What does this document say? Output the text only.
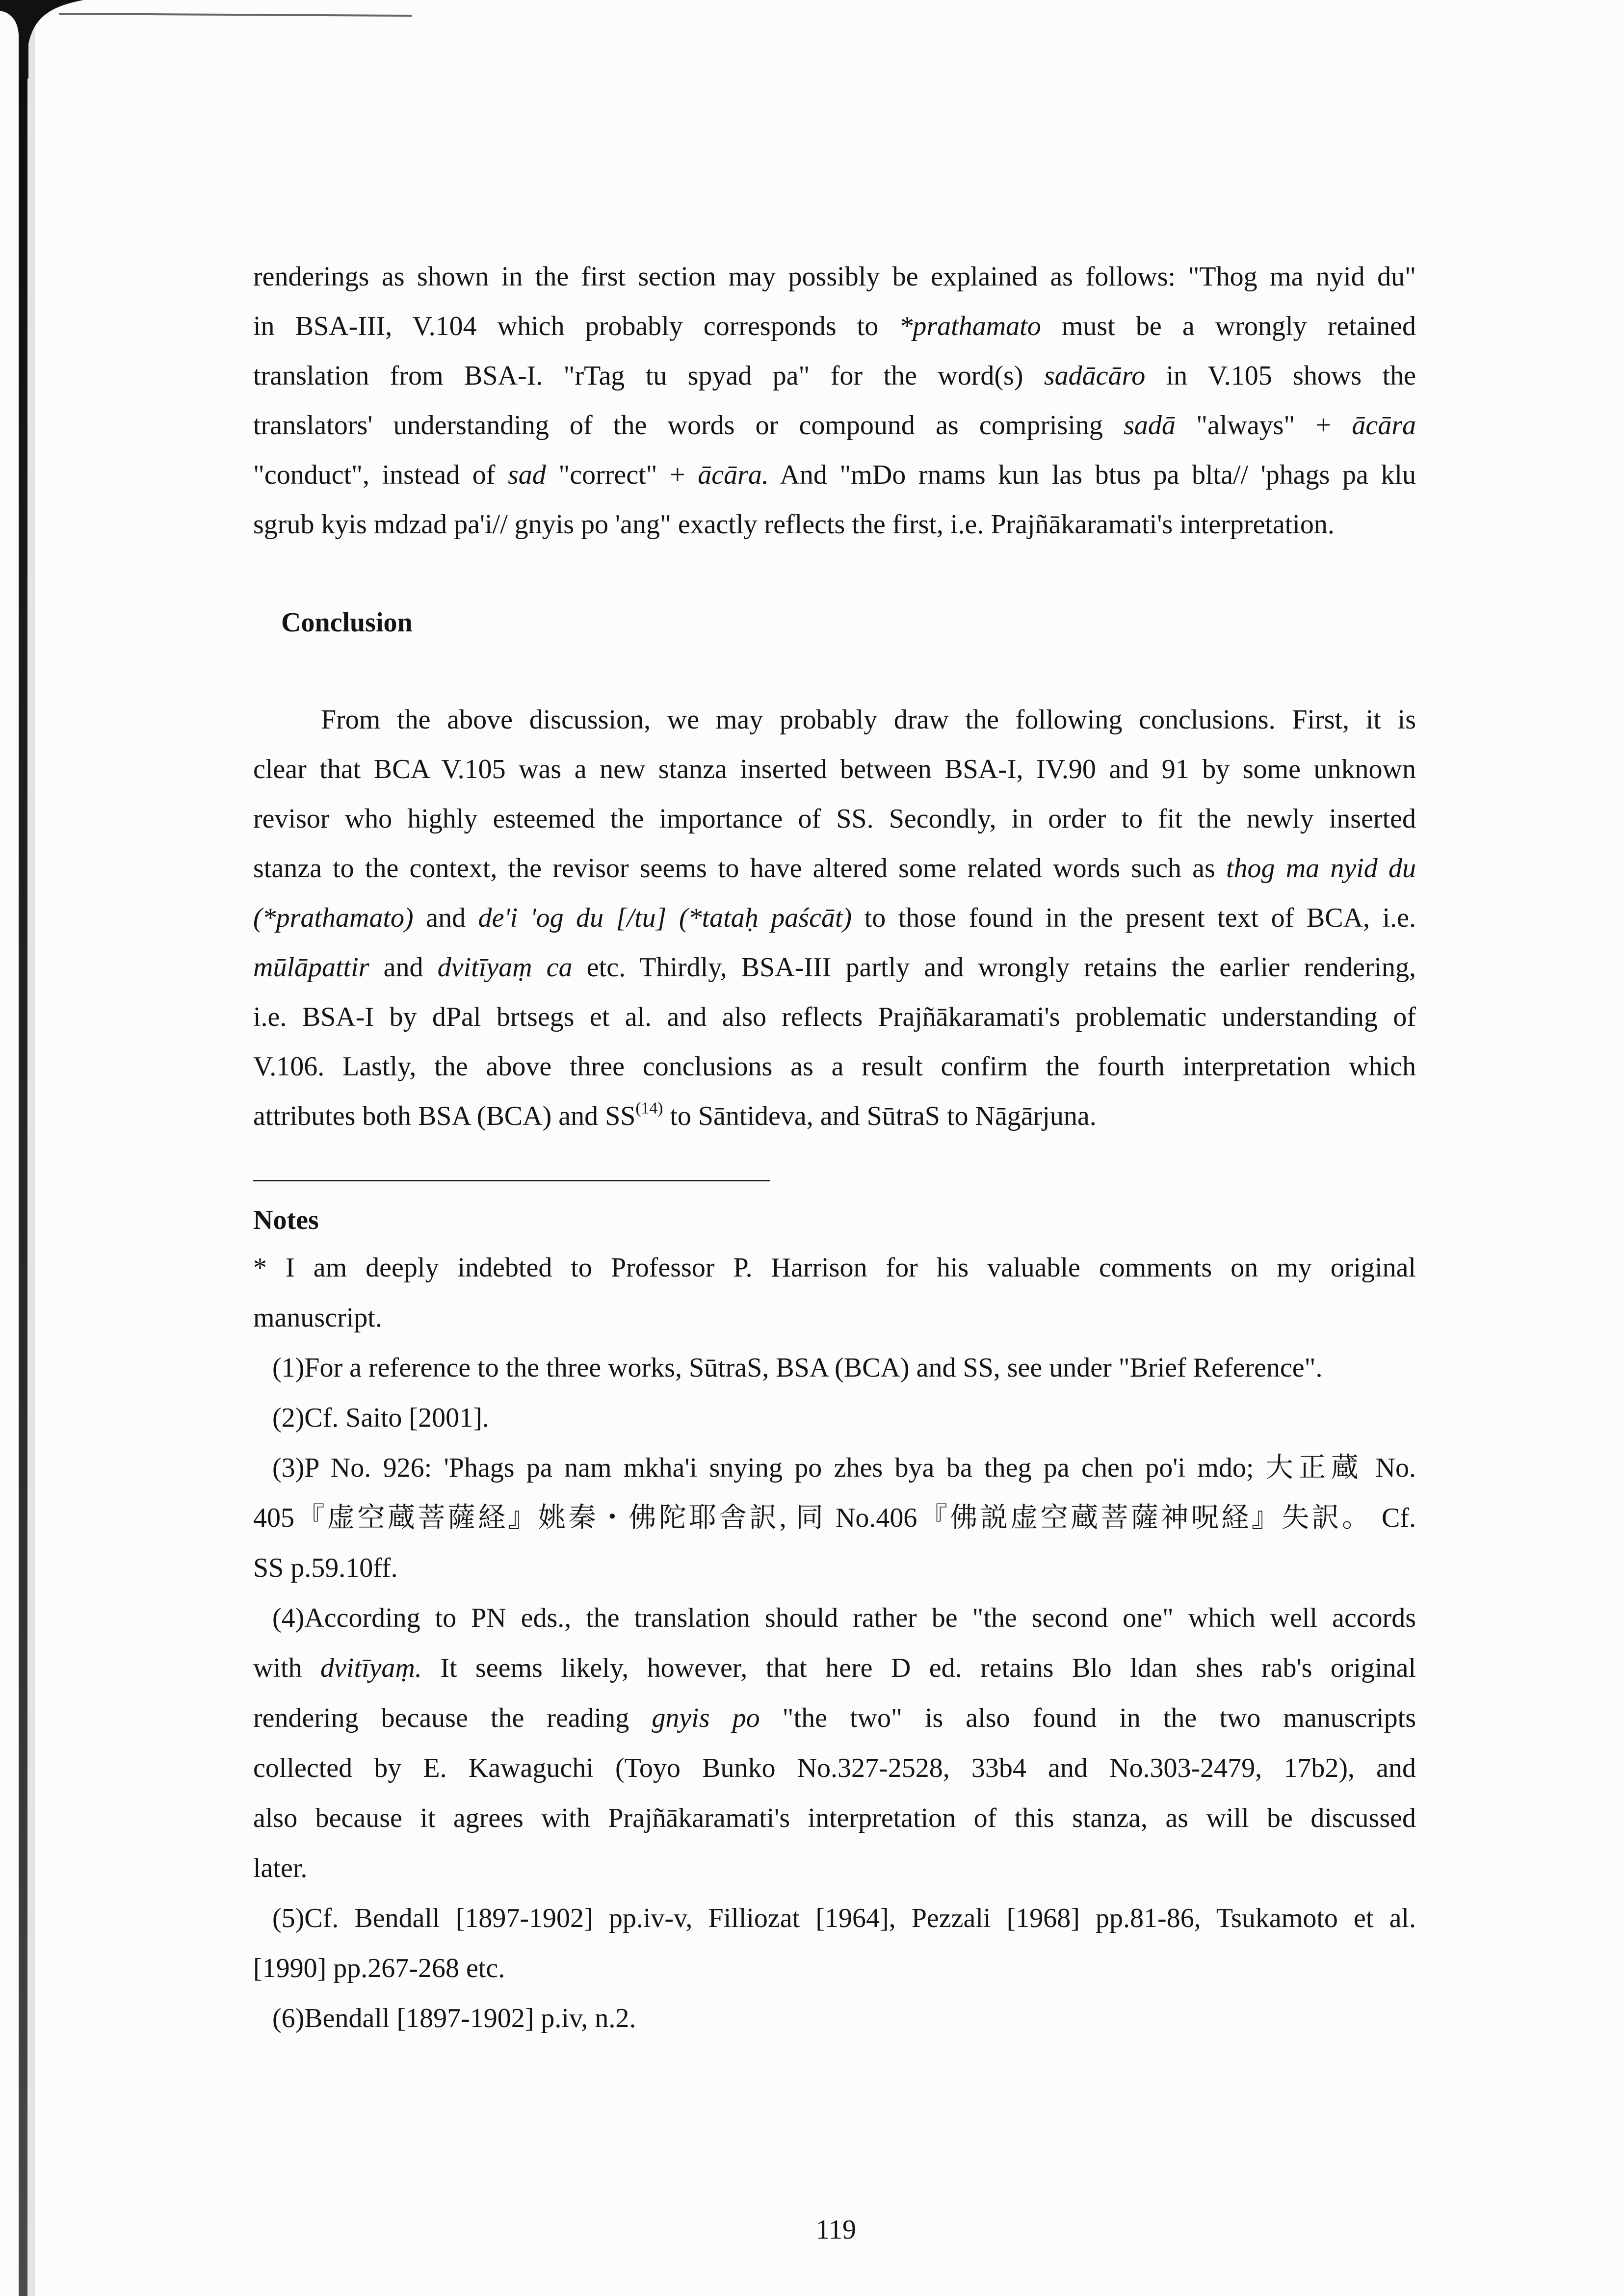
renderings as shown in the first section may possibly be explained as follows: "Thog ma nyid du"
in BSA-III, V.104 which probably corresponds to *prathamato must be a wrongly retained
translation from BSA-I. "rTag tu spyad pa" for the word(s) sadācāro in V.105 shows the
translators' understanding of the words or compound as comprising sadā "always" + ācāra
"conduct", instead of sad "correct" + ācāra. And "mDo rnams kun las btus pa blta// 'phags pa klu
sgrub kyis mdzad pa'i// gnyis po 'ang" exactly reflects the first, i.e. Prajñākaramati's interpretation.
Conclusion
From the above discussion, we may probably draw the following conclusions. First, it is
clear that BCA V.105 was a new stanza inserted between BSA-I, IV.90 and 91 by some unknown
revisor who highly esteemed the importance of SS. Secondly, in order to fit the newly inserted
stanza to the context, the revisor seems to have altered some related words such as thog ma nyid du
(*prathamato) and de'i 'og du [/tu] (*tataḥ paścāt) to those found in the present text of BCA, i.e.
mūlāpattir and dvitīyaṃ ca etc. Thirdly, BSA-III partly and wrongly retains the earlier rendering,
i.e. BSA-I by dPal brtsegs et al. and also reflects Prajñākaramati's problematic understanding of
V.106. Lastly, the above three conclusions as a result confirm the fourth interpretation which
attributes both BSA (BCA) and SS$^{(14)}$ to Sāntideva, and SūtraS to Nāgārjuna.
Notes
* I am deeply indebted to Professor P. Harrison for his valuable comments on my original
manuscript.
(1)For a reference to the three works, SūtraS, BSA (BCA) and SS, see under "Brief Reference".
(2)Cf. Saito [2001].
(3)P No. 926: 'Phags pa nam mkha'i snying po zhes bya ba theg pa chen po'i mdo; 大正蔵 No.
405『虚空蔵菩薩経』姚秦・佛陀耶舎訳, 同 No.406『佛説虚空蔵菩薩神呪経』失訳。 Cf.
SS p.59.10ff.
(4)According to PN eds., the translation should rather be "the second one" which well accords
with dvitīyaṃ. It seems likely, however, that here D ed. retains Blo ldan shes rab's original
rendering because the reading gnyis po "the two" is also found in the two manuscripts
collected by E. Kawaguchi (Toyo Bunko No.327-2528, 33b4 and No.303-2479, 17b2), and
also because it agrees with Prajñākaramati's interpretation of this stanza, as will be discussed
later.
(5)Cf. Bendall [1897-1902] pp.iv-v, Filliozat [1964], Pezzali [1968] pp.81-86, Tsukamoto et al.
[1990] pp.267-268 etc.
(6)Bendall [1897-1902] p.iv, n.2.
119
